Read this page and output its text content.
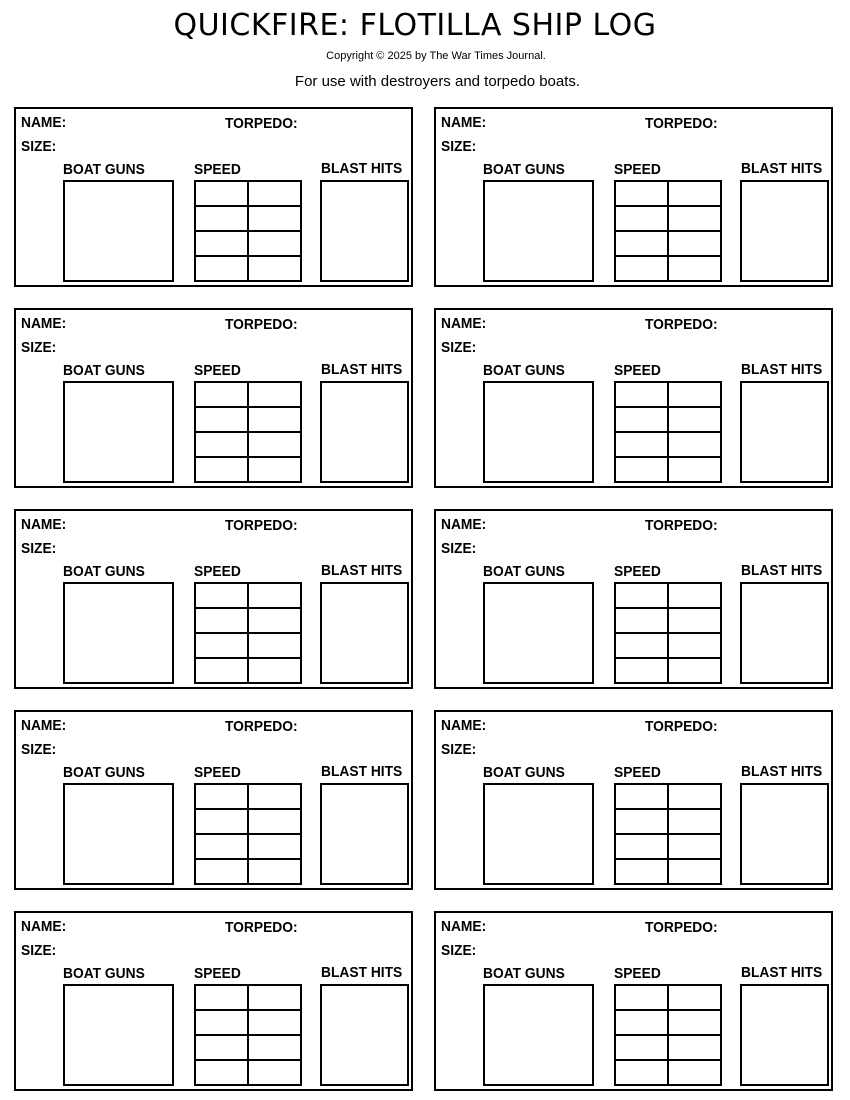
QUICKFIRE: FLOTILLA SHIP LOG
Copyright © 2025 by The War Times Journal.
For use with destroyers and torpedo boats.
NAME:	TORPEDO:
SIZE:
BOAT GUNS	SPEED	BLAST HITS
NAME:	TORPEDO:
SIZE:
BOAT GUNS	SPEED	BLAST HITS
NAME:	TORPEDO:
SIZE:
BOAT GUNS	SPEED	BLAST HITS
NAME:	TORPEDO:
SIZE:
BOAT GUNS	SPEED	BLAST HITS
NAME:	TORPEDO:
SIZE:
BOAT GUNS	SPEED	BLAST HITS
NAME:	TORPEDO:
SIZE:
BOAT GUNS	SPEED	BLAST HITS
NAME:	TORPEDO:
SIZE:
BOAT GUNS	SPEED	BLAST HITS
NAME:	TORPEDO:
SIZE:
BOAT GUNS	SPEED	BLAST HITS
NAME:	TORPEDO:
SIZE:
BOAT GUNS	SPEED	BLAST HITS
NAME:	TORPEDO:
SIZE:
BOAT GUNS	SPEED	BLAST HITS
